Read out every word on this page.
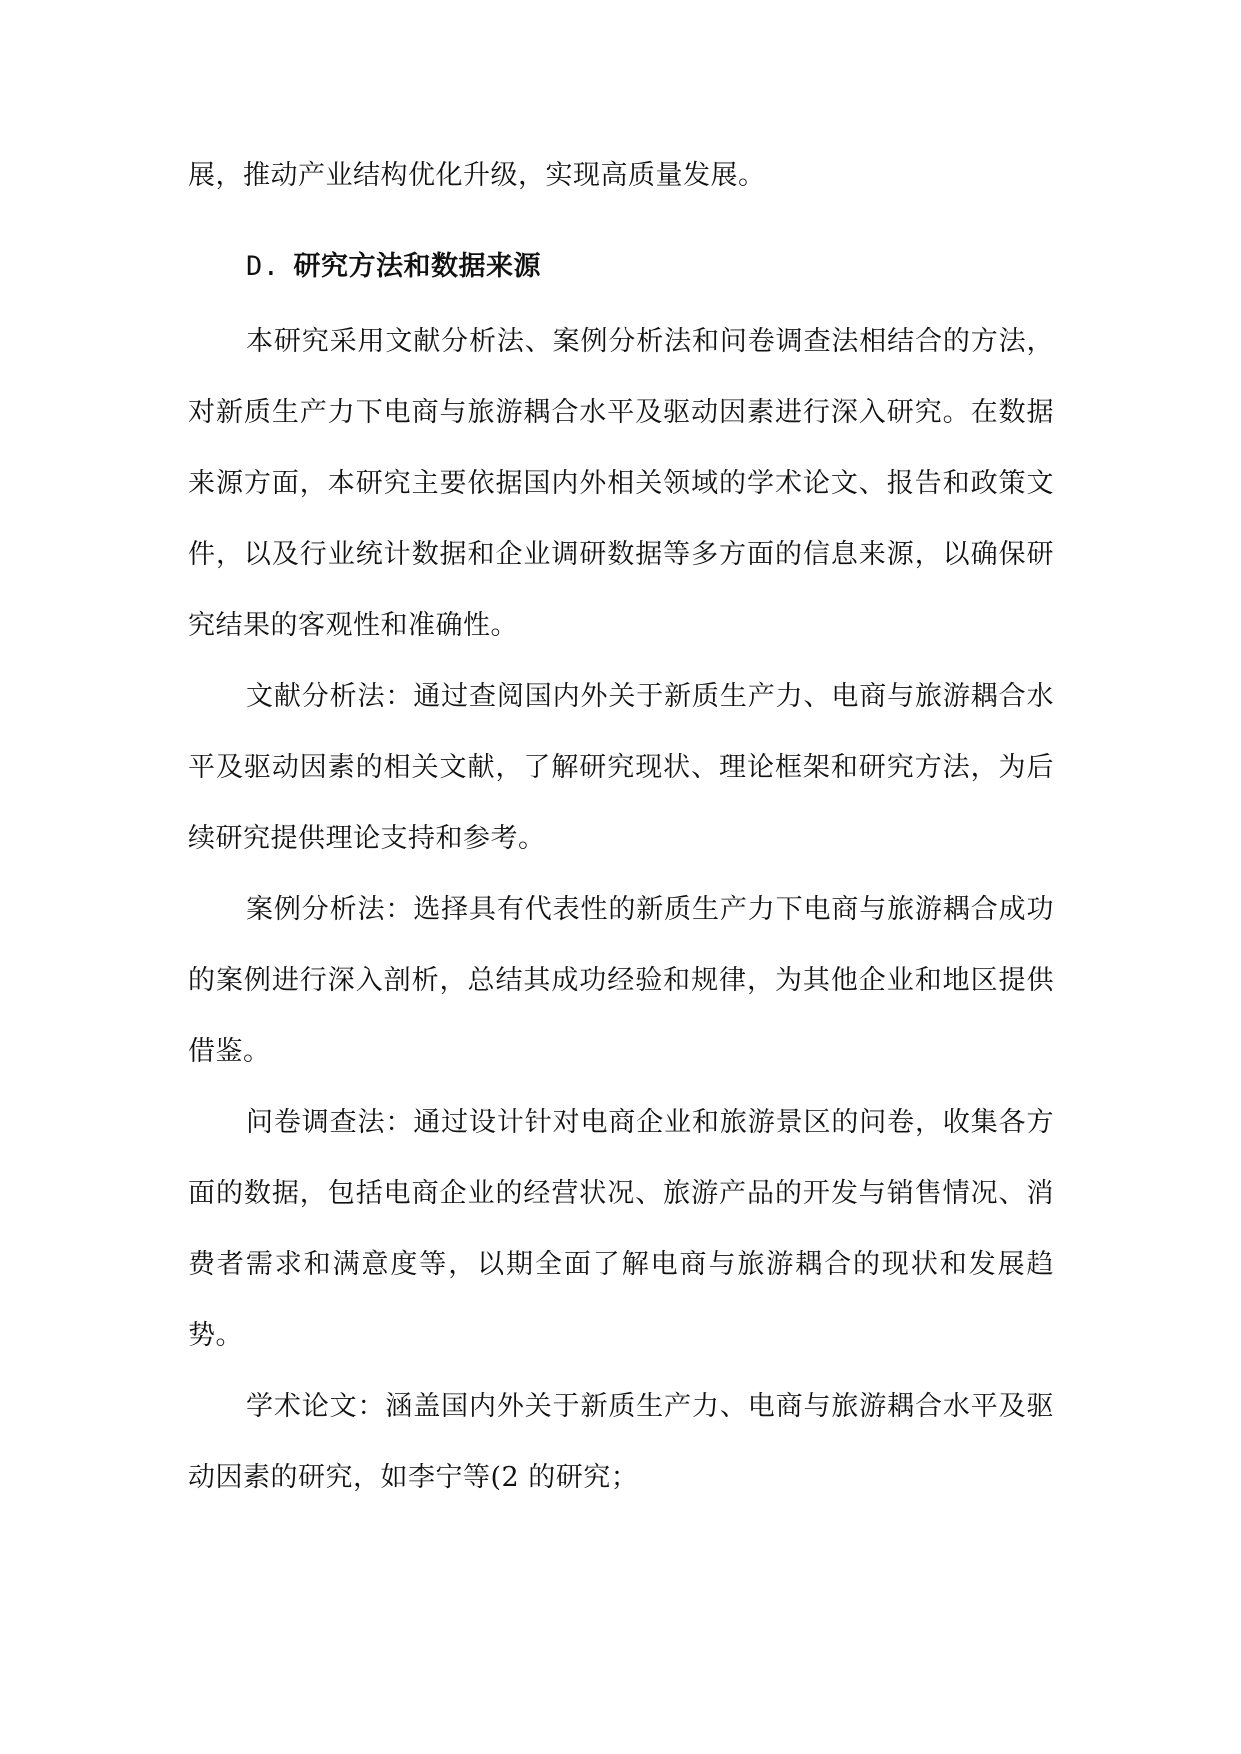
展，推动产业结构优化升级，实现高质量发展。

D. 研究方法和数据来源

本研究采用文献分析法、案例分析法和问卷调查法相结合的方法，对新质生产力下电商与旅游耦合水平及驱动因素进行深入研究。在数据来源方面，本研究主要依据国内外相关领域的学术论文、报告和政策文件，以及行业统计数据和企业调研数据等多方面的信息来源，以确保研究结果的客观性和准确性。

文献分析法：通过查阅国内外关于新质生产力、电商与旅游耦合水平及驱动因素的相关文献，了解研究现状、理论框架和研究方法，为后续研究提供理论支持和参考。

案例分析法：选择具有代表性的新质生产力下电商与旅游耦合成功的案例进行深入剖析，总结其成功经验和规律，为其他企业和地区提供借鉴。

问卷调查法：通过设计针对电商企业和旅游景区的问卷，收集各方面的数据，包括电商企业的经营状况、旅游产品的开发与销售情况、消费者需求和满意度等，以期全面了解电商与旅游耦合的现状和发展趋势。

学术论文：涵盖国内外关于新质生产力、电商与旅游耦合水平及驱动因素的研究，如李宁等(2 的研究；
